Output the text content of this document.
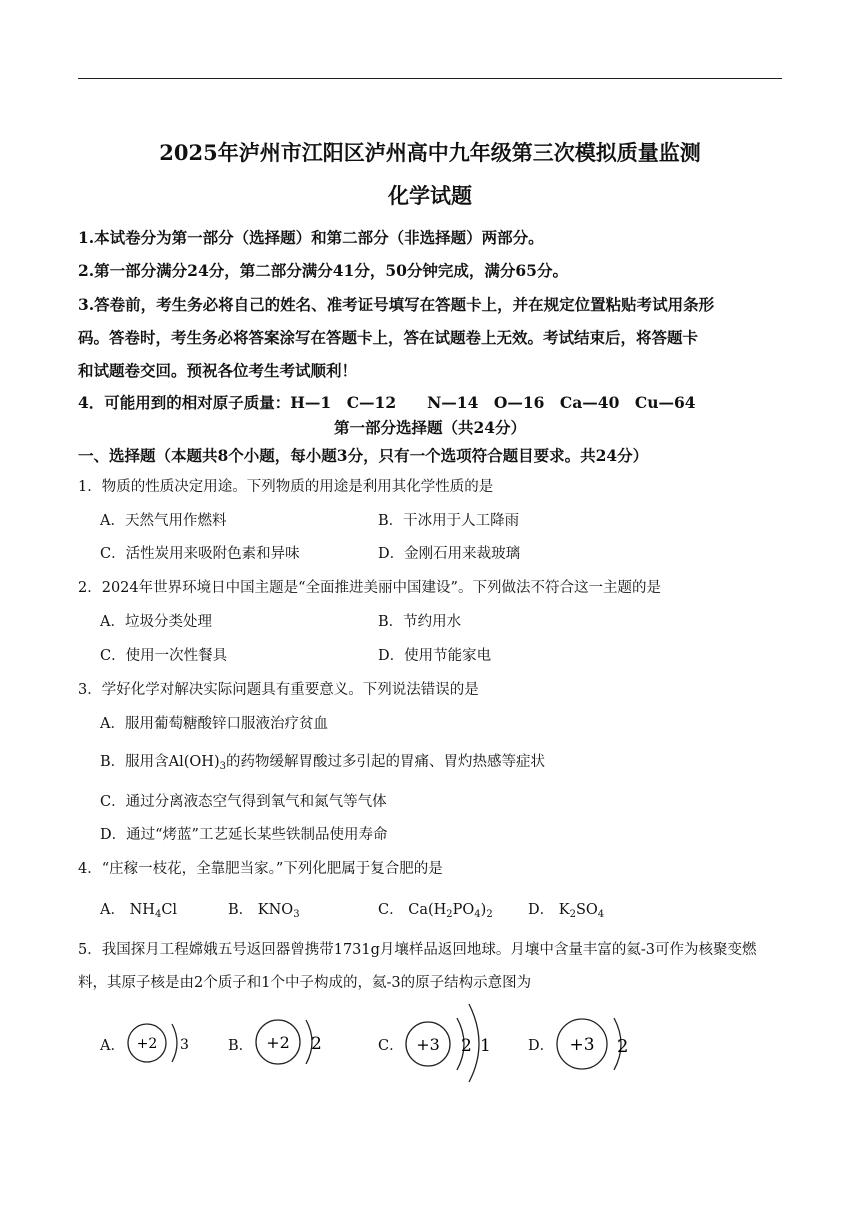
2025年泸州市江阳区泸州高中九年级第三次模拟质量监测
化学试题
1.本试卷分为第一部分（选择题）和第二部分（非选择题）两部分。
2.第一部分满分24分，第二部分满分41分，50分钟完成，满分65分。
3.答卷前，考生务必将自己的姓名、准考证号填写在答题卡上，并在规定位置粘贴考试用条形
码。答卷时，考生务必将答案涂写在答题卡上，答在试题卷上无效。考试结束后，将答题卡
和试题卷交回。预祝各位考生考试顺利！
4．可能用到的相对原子质量：H—1　C—12　　N—14　O—16　Ca—40　Cu—64
第一部分选择题（共24分）
一、选择题（本题共8个小题，每小题3分，只有一个选项符合题目要求。共24分）
1．物质的性质决定用途。下列物质的用途是利用其化学性质的是
A．天然气用作燃料	B．干冰用于人工降雨
C．活性炭用来吸附色素和异味	D．金刚石用来裁玻璃
2．2024年世界环境日中国主题是“全面推进美丽中国建设”。下列做法不符合这一主题的是
A．垃圾分类处理	B．节约用水
C．使用一次性餐具	D．使用节能家电
3．学好化学对解决实际问题具有重要意义。下列说法错误的是
A．服用葡萄糖酸锌口服液治疗贫血
B．服用含$Al(OH)_3$的药物缓解胃酸过多引起的胃痛、胃灼热感等症状
C．通过分离液态空气得到氧气和氮气等气体
D．通过“烤蓝”工艺延长某些铁制品使用寿命
4．“庄稼一枝花，全靠肥当家。”下列化肥属于复合肥的是
A． $NH_4Cl$	B． $KNO_3$	C． $Ca(H_2PO_4)_2$ D． $K_2SO_4$
5．我国探月工程嫦娥五号返回器曾携带1731g月壤样品返回地球。月壤中含量丰富的氦-3可作为核聚变燃
料，其原子核是由2个质子和1个中子构成的，氦-3的原子结构示意图为
A． +2 3	B． +2 2	C． +3 2 1	D． +3 2
